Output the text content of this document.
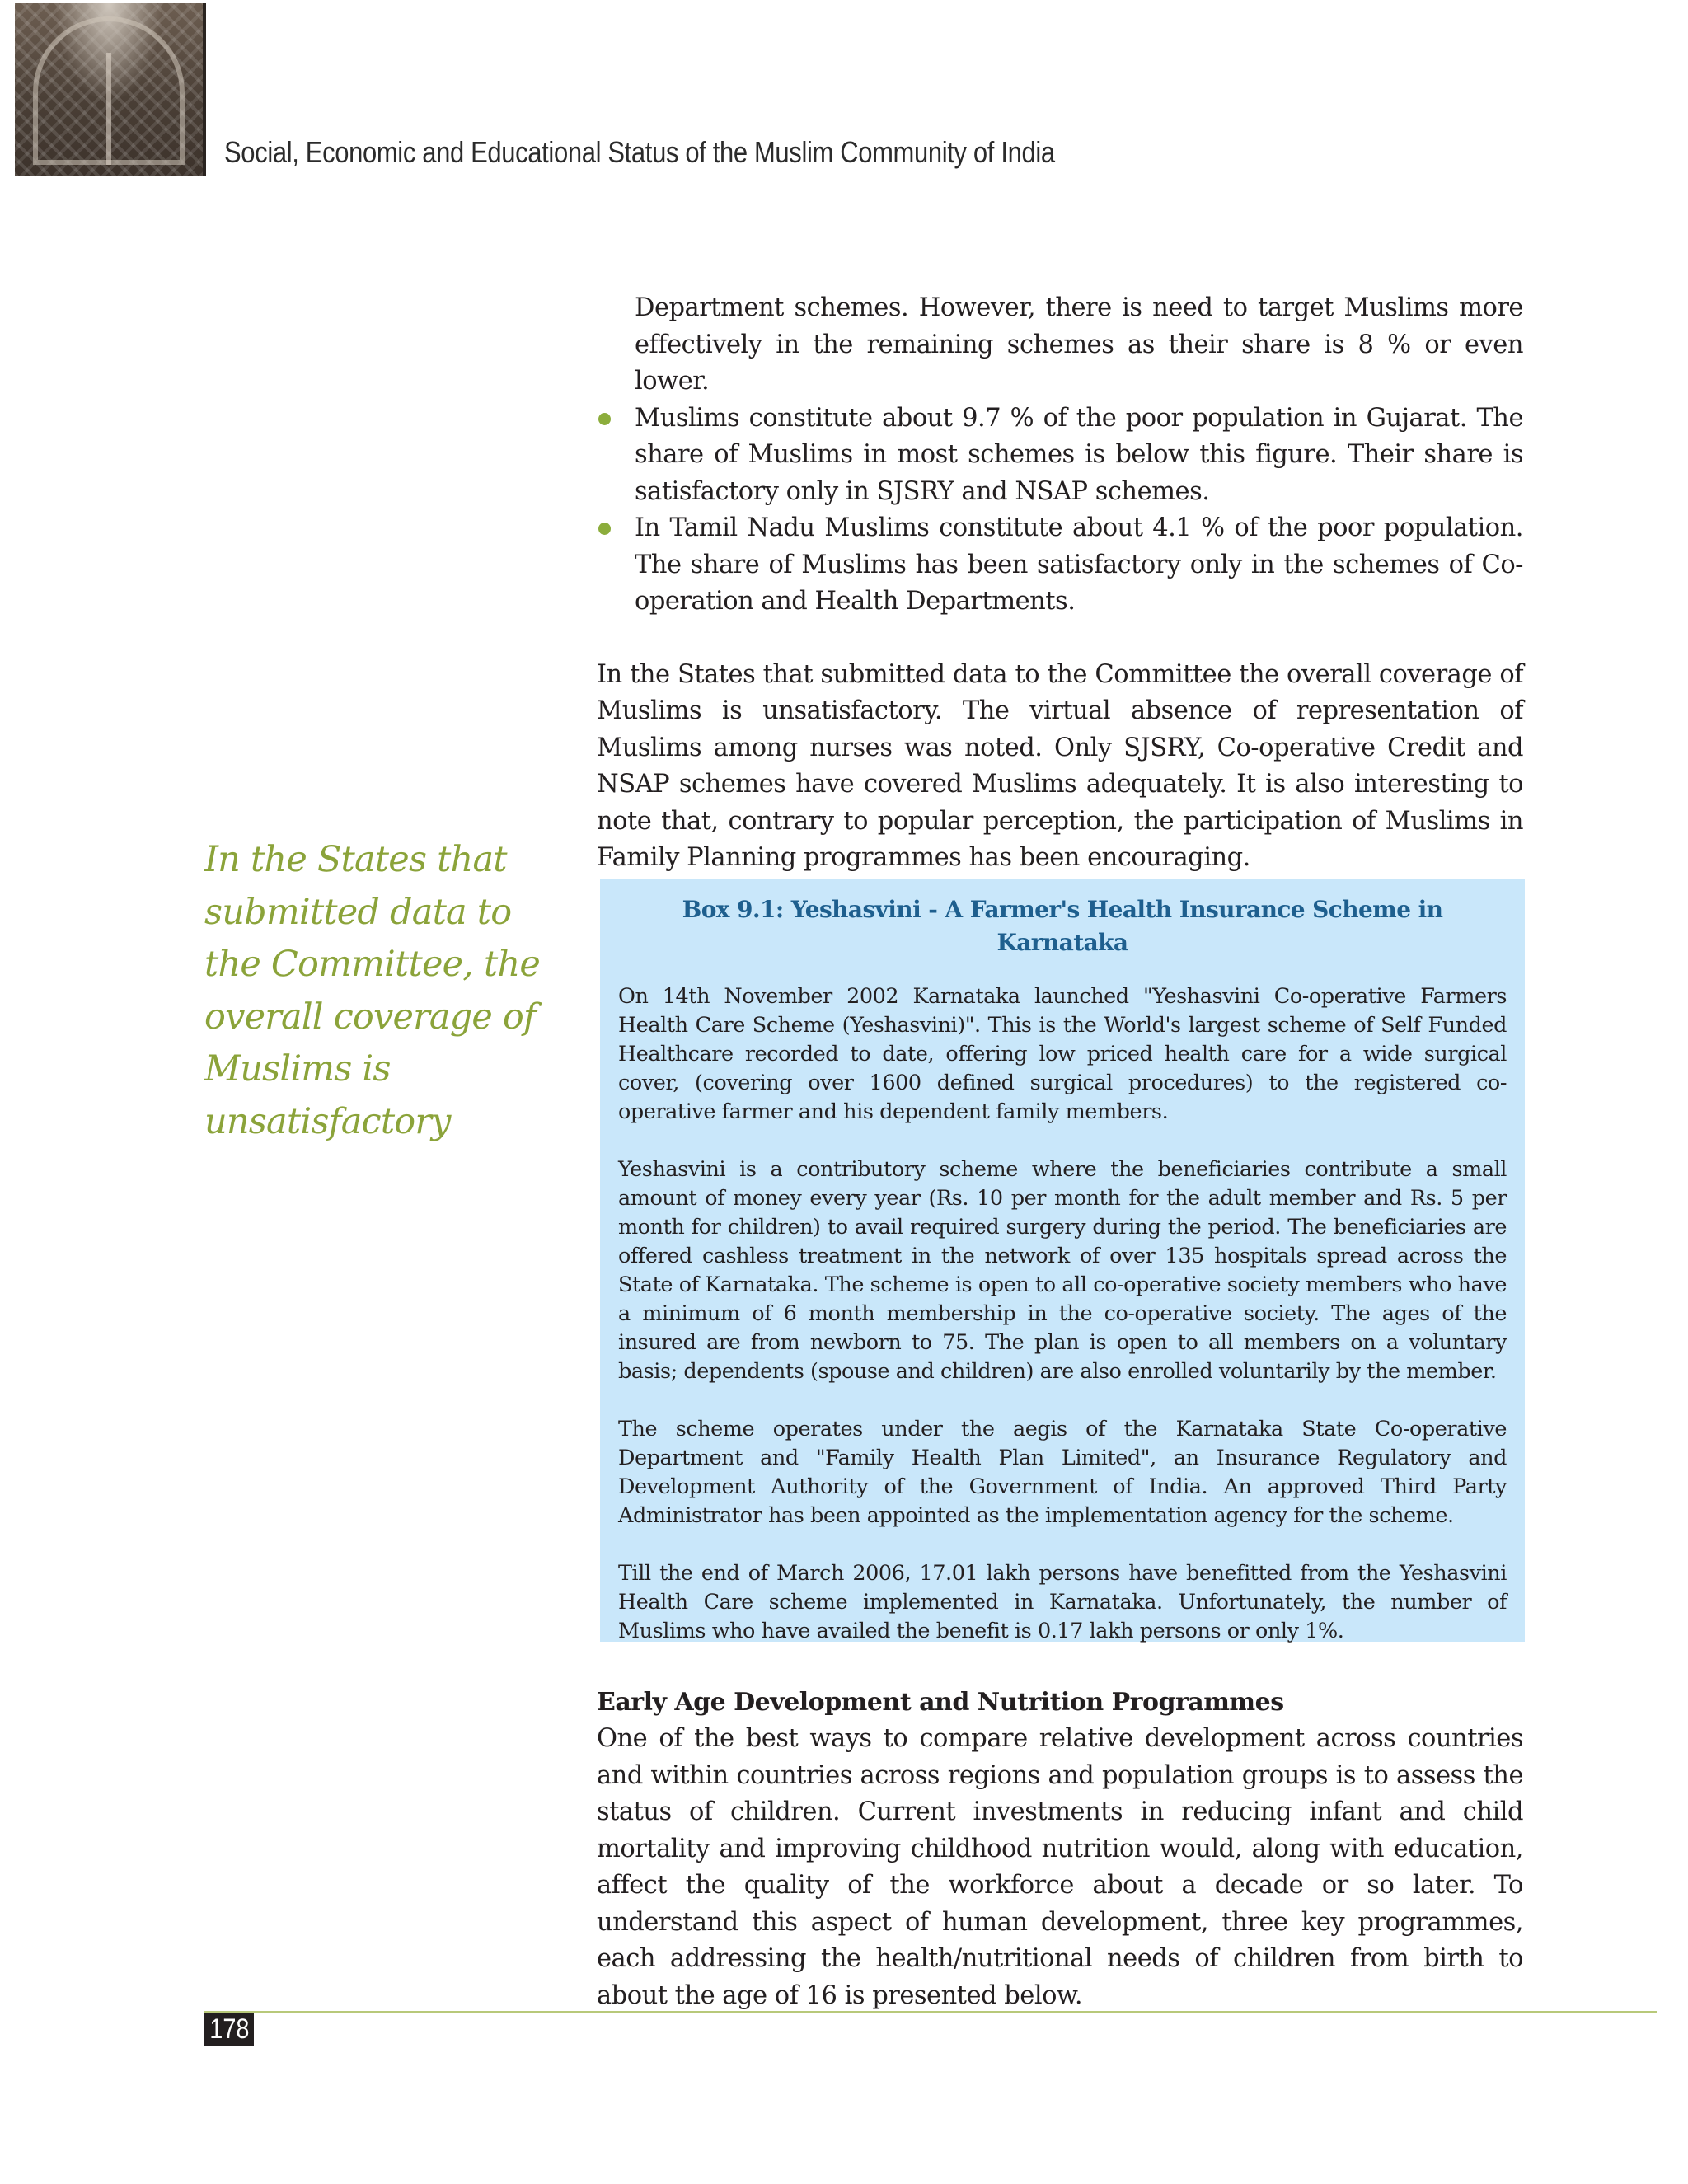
Social, Economic and Educational Status of the Muslim Community of India

Department schemes. However, there is need to target Muslims more effectively in the remaining schemes as their share is 8 % or even lower.

Muslims constitute about 9.7 % of the poor population in Gujarat. The share of Muslims in most schemes is below this figure. Their share is satisfactory only in SJSRY and NSAP schemes.
In Tamil Nadu Muslims constitute about 4.1 % of the poor population. The share of Muslims has been satisfactory only in the schemes of Co-operation and Health Departments.

In the States that submitted data to the Committee the overall coverage of Muslims is unsatisfactory. The virtual absence of representation of Muslims among nurses was noted. Only SJSRY, Co-operative Credit and NSAP schemes have covered Muslims adequately. It is also interesting to note that, contrary to popular perception, the participation of Muslims in Family Planning programmes has been encouraging.

In the States that submitted data to the Committee, the overall coverage of Muslims is unsatisfactory

Box 9.1: Yeshasvini - A Farmer's Health Insurance Scheme in Karnataka

On 14th November 2002 Karnataka launched "Yeshasvini Co-operative Farmers Health Care Scheme (Yeshasvini)". This is the World's largest scheme of Self Funded Healthcare recorded to date, offering low priced health care for a wide surgical cover, (covering over 1600 defined surgical procedures) to the registered co-operative farmer and his dependent family members.

Yeshasvini is a contributory scheme where the beneficiaries contribute a small amount of money every year (Rs. 10 per month for the adult member and Rs. 5 per month for children) to avail required surgery during the period. The beneficiaries are offered cashless treatment in the network of over 135 hospitals spread across the State of Karnataka. The scheme is open to all co-operative society members who have a minimum of 6 month membership in the co-operative society. The ages of the insured are from newborn to 75. The plan is open to all members on a voluntary basis; dependents (spouse and children) are also enrolled voluntarily by the member.

The scheme operates under the aegis of the Karnataka State Co-operative Department and "Family Health Plan Limited", an Insurance Regulatory and Development Authority of the Government of India. An approved Third Party Administrator has been appointed as the implementation agency for the scheme.

Till the end of March 2006, 17.01 lakh persons have benefitted from the Yeshasvini Health Care scheme implemented in Karnataka. Unfortunately, the number of Muslims who have availed the benefit is 0.17 lakh persons or only 1%.

Early Age Development and Nutrition Programmes

One of the best ways to compare relative development across countries and within countries across regions and population groups is to assess the status of children. Current investments in reducing infant and child mortality and improving childhood nutrition would, along with education, affect the quality of the workforce about a decade or so later. To understand this aspect of human development, three key programmes, each addressing the health/nutritional needs of children from birth to about the age of 16 is presented below.

178
